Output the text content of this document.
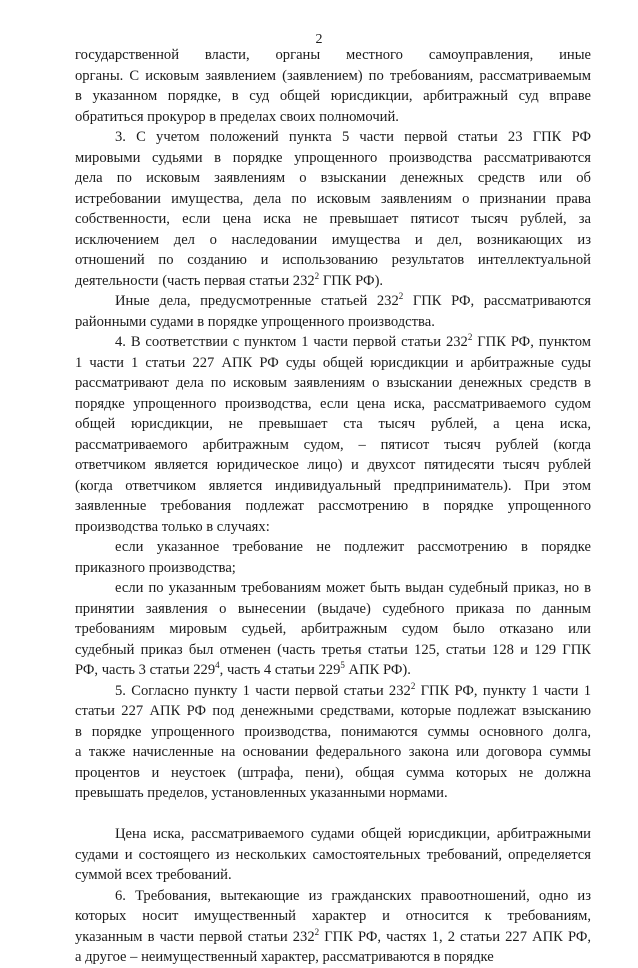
2
государственной власти, органы местного самоуправления, иные
органы. С исковым заявлением (заявлением) по требованиям, рассматриваемым
в указанном порядке, в суд общей юрисдикции, арбитражный суд вправе
обратиться прокурор в пределах своих полномочий.
3. С учетом положений пункта 5 части первой статьи 23 ГПК РФ
мировыми судьями в порядке упрощенного производства рассматриваются
дела по исковым заявлениям о взыскании денежных средств или об
истребовании имущества, дела по исковым заявлениям о признании права
собственности, если цена иска не превышает пятисот тысяч рублей, за
исключением дел о наследовании имущества и дел, возникающих из
отношений по созданию и использованию результатов интеллектуальной
деятельности (часть первая статьи $232^2$ ГПК РФ).
Иные дела, предусмотренные статьей $232^2$ ГПК РФ, рассматриваются
районными судами в порядке упрощенного производства.
4. В соответствии с пунктом 1 части первой статьи $232^2$ ГПК РФ, пунктом
1 части 1 статьи 227 АПК РФ суды общей юрисдикции и арбитражные суды
рассматривают дела по исковым заявлениям о взыскании денежных средств в
порядке упрощенного производства, если цена иска, рассматриваемого судом
общей юрисдикции, не превышает ста тысяч рублей, а цена иска,
рассматриваемого арбитражным судом, – пятисот тысяч рублей (когда
ответчиком является юридическое лицо) и двухсот пятидесяти тысяч рублей
(когда ответчиком является индивидуальный предприниматель). При этом
заявленные требования подлежат рассмотрению в порядке упрощенного
производства только в случаях:
если указанное требование не подлежит рассмотрению в порядке
приказного производства;
если по указанным требованиям может быть выдан судебный приказ, но в
принятии заявления о вынесении (выдаче) судебного приказа по данным
требованиям мировым судьей, арбитражным судом было отказано или
судебный приказ был отменен (часть третья статьи 125, статьи 128 и 129 ГПК
РФ, часть 3 статьи $229^4$, часть 4 статьи $229^5$ АПК РФ).
5. Согласно пункту 1 части первой статьи $232^2$ ГПК РФ, пункту 1 части 1
статьи 227 АПК РФ под денежными средствами, которые подлежат взысканию
в порядке упрощенного производства, понимаются суммы основного долга,
а также начисленные на основании федерального закона или договора суммы
процентов и неустоек (штрафа, пени), общая сумма которых не должна
превышать пределов, установленных указанными нормами.
Цена иска, рассматриваемого судами общей юрисдикции, арбитражными
судами и состоящего из нескольких самостоятельных требований, определяется
суммой всех требований.
6. Требования, вытекающие из гражданских правоотношений, одно из
которых носит имущественный характер и относится к требованиям,
указанным в части первой статьи $232^2$ ГПК РФ, частях 1, 2 статьи 227 АПК РФ,
а другое – неимущественный характер, рассматриваются в порядке
